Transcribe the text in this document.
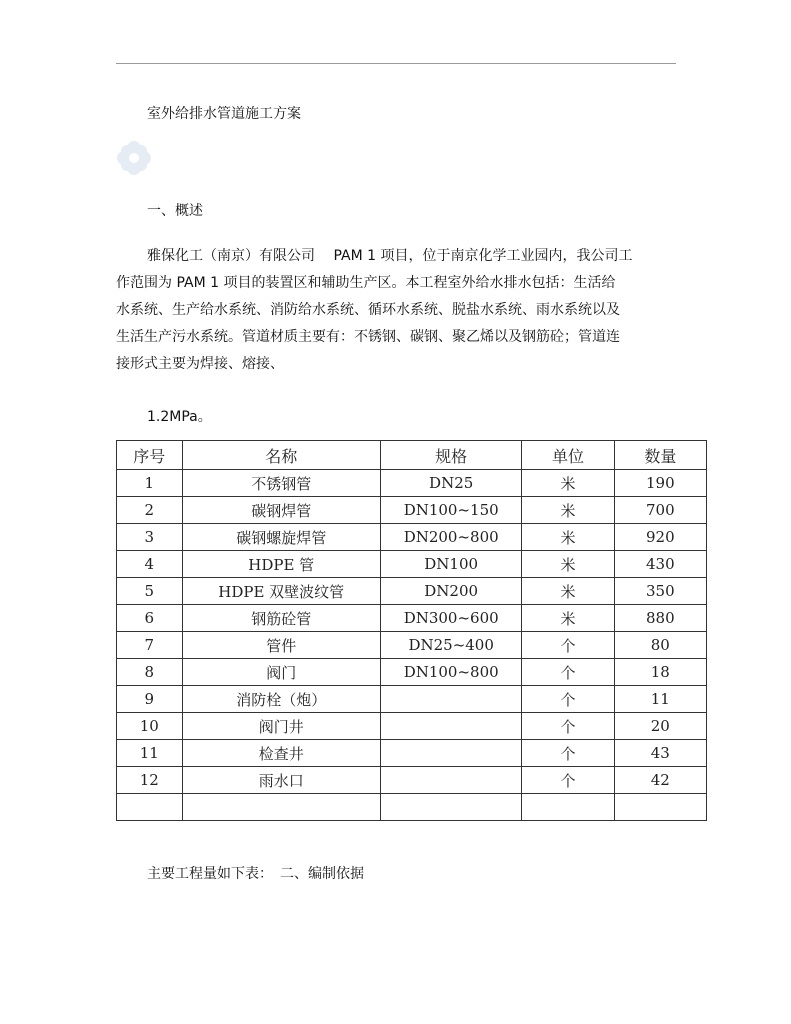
室外给排水管道施工方案
一、概述
雅保化工（南京）有限公司　 PAM 1 项目，位于南京化学工业园内，我公司工
作范围为 PAM 1 项目的装置区和辅助生产区。本工程室外给水排水包括：生活给
水系统、生产给水系统、消防给水系统、循环水系统、脱盐水系统、雨水系统以及
生活生产污水系统。管道材质主要有：不锈钢、碳钢、聚乙烯以及钢筋砼；管道连
接形式主要为焊接、熔接、
1.2MPa。
序号	名称	规格	单位	数量
1	不锈钢管	DN25	米	190
2	碳钢焊管	DN100~150	米	700
3	碳钢螺旋焊管	DN200~800	米	920
4	HDPE 管	DN100	米	430
5	HDPE 双壁波纹管	DN200	米	350
6	钢筋砼管	DN300~600	米	880
7	管件	DN25~400	个	80
8	阀门	DN100~800	个	18
9	消防栓（炮）		个	11
10	阀门井		个	20
11	检查井		个	43
12	雨水口		个	42

主要工程量如下表：　二、编制依据
